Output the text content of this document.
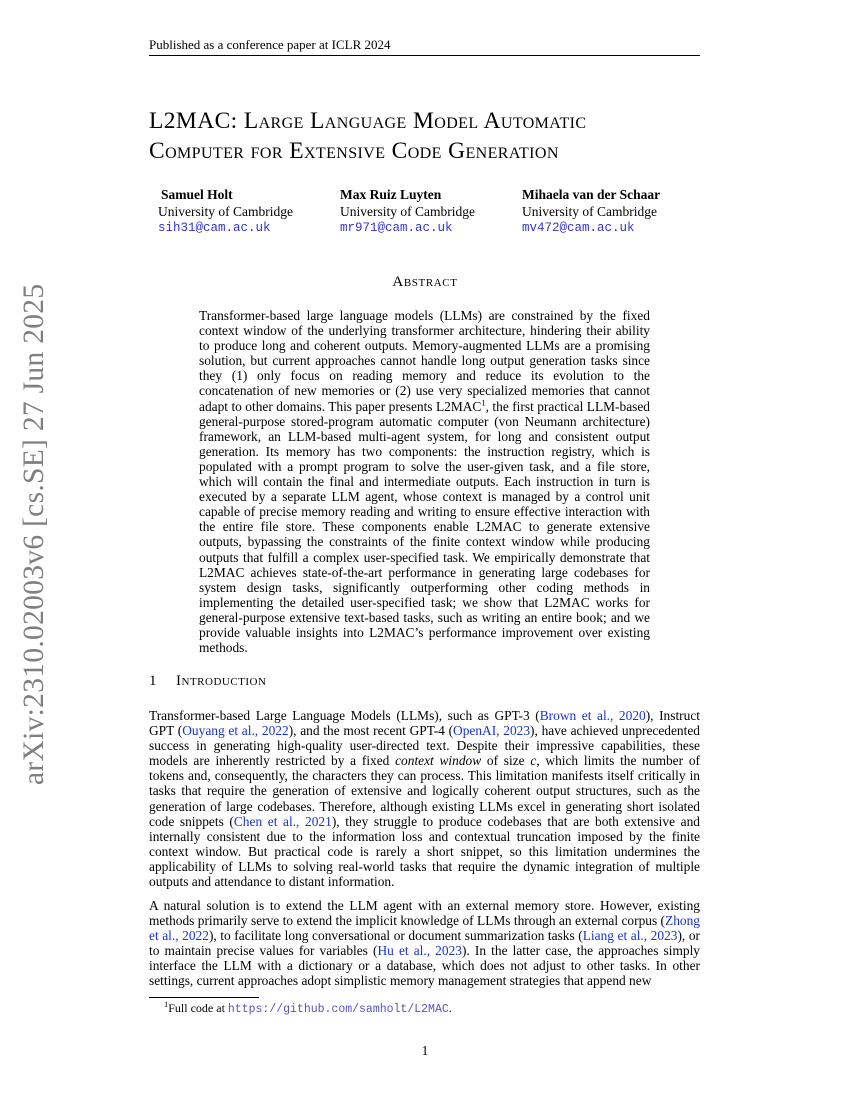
Published as a conference paper at ICLR 2024
arXiv:2310.02003v6 [cs.SE] 27 Jun 2025
L2MAC: Large Language Model Automatic
Computer for Extensive Code Generation
Samuel Holt
University of Cambridge
sih31@cam.ac.uk
Max Ruiz Luyten
University of Cambridge
mr971@cam.ac.uk
Mihaela van der Schaar
University of Cambridge
mv472@cam.ac.uk
Abstract
Transformer-based large language models (LLMs) are constrained by the fixed context window of the underlying transformer architecture, hindering their ability to produce long and coherent outputs. Memory-augmented LLMs are a promising solution, but current approaches cannot handle long output generation tasks since they (1) only focus on reading memory and reduce its evolution to the concatenation of new memories or (2) use very specialized memories that cannot adapt to other domains. This paper presents L2MAC$^1$, the first practical LLM-based general-purpose stored-program automatic computer (von Neumann architecture) framework, an LLM-based multi-agent system, for long and consistent output generation. Its memory has two components: the instruction registry, which is populated with a prompt program to solve the user-given task, and a file store, which will contain the final and intermediate outputs. Each instruction in turn is executed by a separate LLM agent, whose context is managed by a control unit capable of precise memory reading and writing to ensure effective interaction with the entire file store. These components enable L2MAC to generate extensive outputs, bypassing the constraints of the finite context window while producing outputs that fulfill a complex user-specified task. We empirically demonstrate that L2MAC achieves state-of-the-art performance in generating large codebases for system design tasks, significantly outperforming other coding methods in implementing the detailed user-specified task; we show that L2MAC works for general-purpose extensive text-based tasks, such as writing an entire book; and we provide valuable insights into L2MAC’s performance improvement over existing methods.
1 Introduction
Transformer-based Large Language Models (LLMs), such as GPT-3 (Brown et al., 2020), Instruct GPT (Ouyang et al., 2022), and the most recent GPT-4 (OpenAI, 2023), have achieved unprecedented success in generating high-quality user-directed text. Despite their impressive capabilities, these models are inherently restricted by a fixed context window of size c, which limits the number of tokens and, consequently, the characters they can process. This limitation manifests itself critically in tasks that require the generation of extensive and logically coherent output structures, such as the generation of large codebases. Therefore, although existing LLMs excel in generating short isolated code snippets (Chen et al., 2021), they struggle to produce codebases that are both extensive and internally consistent due to the information loss and contextual truncation imposed by the finite context window. But practical code is rarely a short snippet, so this limitation undermines the applicability of LLMs to solving real-world tasks that require the dynamic integration of multiple outputs and attendance to distant information.
A natural solution is to extend the LLM agent with an external memory store. However, existing methods primarily serve to extend the implicit knowledge of LLMs through an external corpus (Zhong et al., 2022), to facilitate long conversational or document summarization tasks (Liang et al., 2023), or to maintain precise values for variables (Hu et al., 2023). In the latter case, the approaches simply interface the LLM with a dictionary or a database, which does not adjust to other tasks. In other settings, current approaches adopt simplistic memory management strategies that append new
$^1$Full code at https://github.com/samholt/L2MAC.
1
